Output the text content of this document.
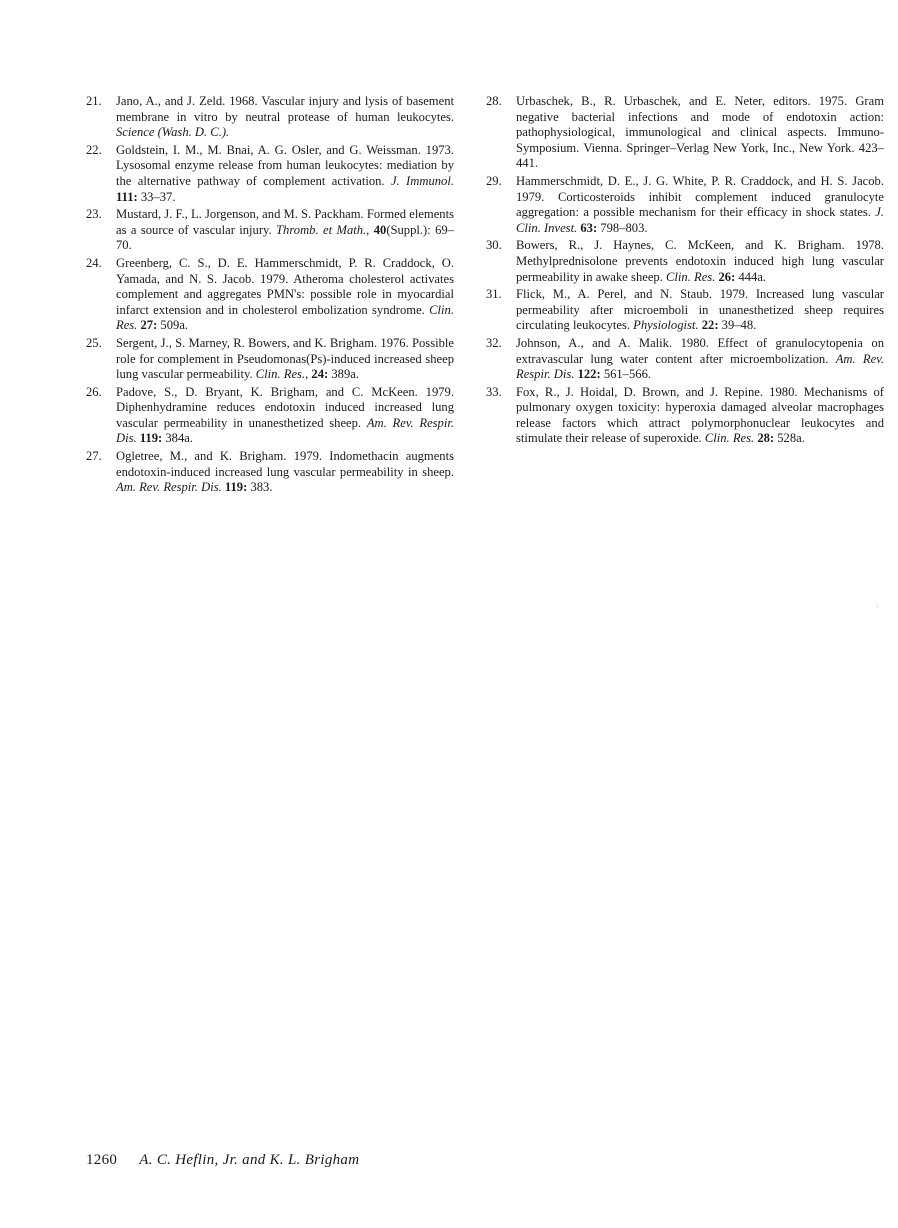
21. Jano, A., and J. Zeld. 1968. Vascular injury and lysis of basement membrane in vitro by neutral protease of human leukocytes. Science (Wash. D. C.).
22. Goldstein, I. M., M. Bnai, A. G. Osler, and G. Weissman. 1973. Lysosomal enzyme release from human leukocytes: mediation by the alternative pathway of complement activation. J. Immunol. 111: 33–37.
23. Mustard, J. F., L. Jorgenson, and M. S. Packham. Formed elements as a source of vascular injury. Thromb. et Math., 40(Suppl.): 69–70.
24. Greenberg, C. S., D. E. Hammerschmidt, P. R. Craddock, O. Yamada, and N. S. Jacob. 1979. Atheroma cholesterol activates complement and aggregates PMN's: possible role in myocardial infarct extension and in cholesterol embolization syndrome. Clin. Res. 27: 509a.
25. Sergent, J., S. Marney, R. Bowers, and K. Brigham. 1976. Possible role for complement in Pseudomonas(Ps)-induced increased sheep lung vascular permeability. Clin. Res., 24: 389a.
26. Padove, S., D. Bryant, K. Brigham, and C. McKeen. 1979. Diphenhydramine reduces endotoxin induced increased lung vascular permeability in unanesthetized sheep. Am. Rev. Respir. Dis. 119: 384a.
27. Ogletree, M., and K. Brigham. 1979. Indomethacin augments endotoxin-induced increased lung vascular permeability in sheep. Am. Rev. Respir. Dis. 119: 383.
28. Urbaschek, B., R. Urbaschek, and E. Neter, editors. 1975. Gram negative bacterial infections and mode of endotoxin action: pathophysiological, immunological and clinical aspects. Immuno-Symposium. Vienna. Springer–Verlag New York, Inc., New York. 423–441.
29. Hammerschmidt, D. E., J. G. White, P. R. Craddock, and H. S. Jacob. 1979. Corticosteroids inhibit complement induced granulocyte aggregation: a possible mechanism for their efficacy in shock states. J. Clin. Invest. 63: 798–803.
30. Bowers, R., J. Haynes, C. McKeen, and K. Brigham. 1978. Methylprednisolone prevents endotoxin induced high lung vascular permeability in awake sheep. Clin. Res. 26: 444a.
31. Flick, M., A. Perel, and N. Staub. 1979. Increased lung vascular permeability after microemboli in unanesthetized sheep requires circulating leukocytes. Physiologist. 22: 39–48.
32. Johnson, A., and A. Malik. 1980. Effect of granulocytopenia on extravascular lung water content after microembolization. Am. Rev. Respir. Dis. 122: 561–566.
33. Fox, R., J. Hoidal, D. Brown, and J. Repine. 1980. Mechanisms of pulmonary oxygen toxicity: hyperoxia damaged alveolar macrophages release factors which attract polymorphonuclear leukocytes and stimulate their release of superoxide. Clin. Res. 28: 528a.
1260 A. C. Heflin, Jr. and K. L. Brigham
